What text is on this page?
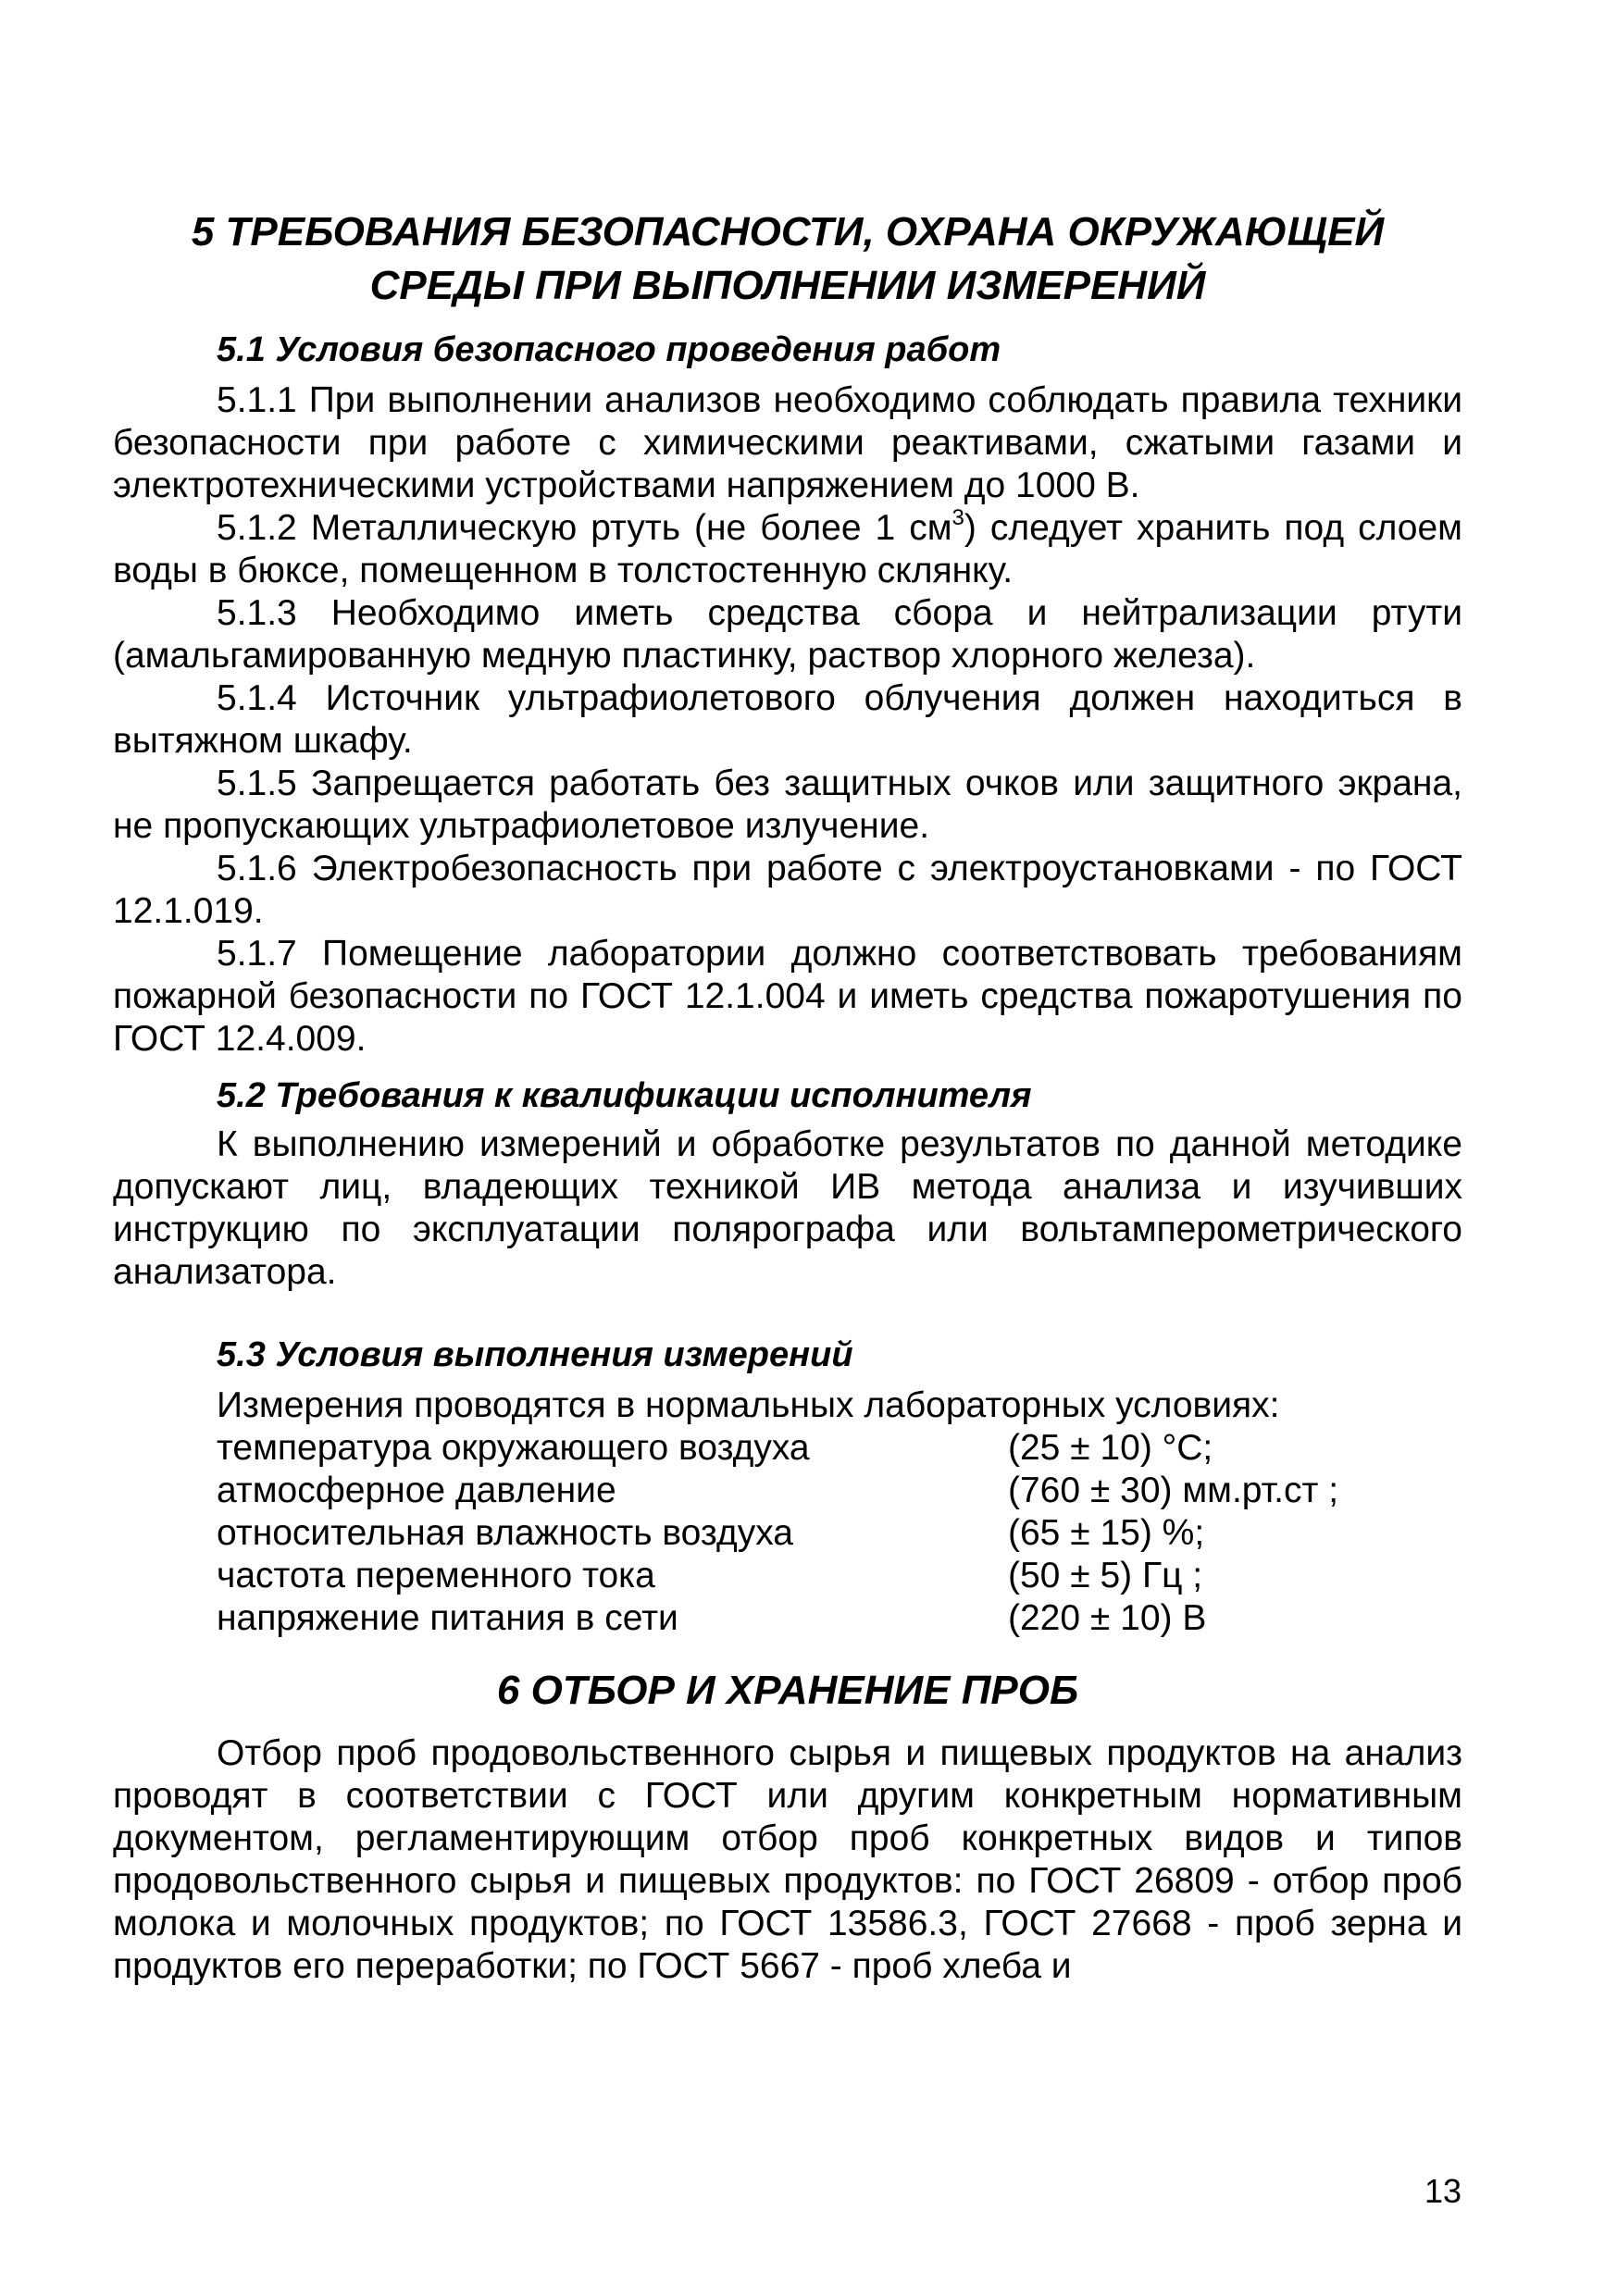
5 ТРЕБОВАНИЯ БЕЗОПАСНОСТИ, ОХРАНА ОКРУЖАЮЩЕЙ
СРЕДЫ ПРИ ВЫПОЛНЕНИИ ИЗМЕРЕНИЙ
5.1 Условия безопасного проведения работ

5.1.1 При выполнении анализов необходимо соблюдать правила техники безопасности при работе с химическими реактивами, сжатыми газами и электротехническими устройствами напряжением до 1000 В.

5.1.2 Металлическую ртуть (не более 1 $см^3$) следует хранить под слоем воды в бюксе, помещенном в толстостенную склянку.

5.1.3 Необходимо иметь средства сбора и нейтрализации ртути (амальгамированную медную пластинку, раствор хлорного железа).

5.1.4 Источник ультрафиолетового облучения должен находиться в вытяжном шкафу.

5.1.5 Запрещается работать без защитных очков или защитного экрана, не пропускающих ультрафиолетовое излучение.

5.1.6 Электробезопасность при работе с электроустановками - по ГОСТ 12.1.019.

5.1.7 Помещение лаборатории должно соответствовать требованиям пожарной безопасности по ГОСТ 12.1.004 и иметь средства пожаротушения по ГОСТ 12.4.009.

5.2 Требования к квалификации исполнителя

К выполнению измерений и обработке результатов по данной методике допускают лиц, владеющих техникой ИВ метода анализа и изучивших инструкцию по эксплуатации полярографа или вольтамперометрического анализатора.

5.3 Условия выполнения измерений
Измерения проводятся в нормальных лабораторных условиях:
температура окружающего воздуха	(25 ± 10) °С;
атмосферное давление	(760 ± 30) мм.рт.ст ;
относительная влажность воздуха	(65 ± 15) %;
частота переменного тока	(50 ± 5) Гц ;
напряжение питания в сети	(220 ± 10) В
6 ОТБОР И ХРАНЕНИЕ ПРОБ

Отбор проб продовольственного сырья и пищевых продуктов на анализ проводят в соответствии с ГОСТ или другим конкретным нормативным документом, регламентирующим отбор проб конкретных видов и типов продовольственного сырья и пищевых продуктов: по ГОСТ 26809 - отбор проб молока и молочных продуктов; по ГОСТ 13586.3, ГОСТ 27668 - проб зерна и продуктов его переработки; по ГОСТ 5667 - проб хлеба и

13
